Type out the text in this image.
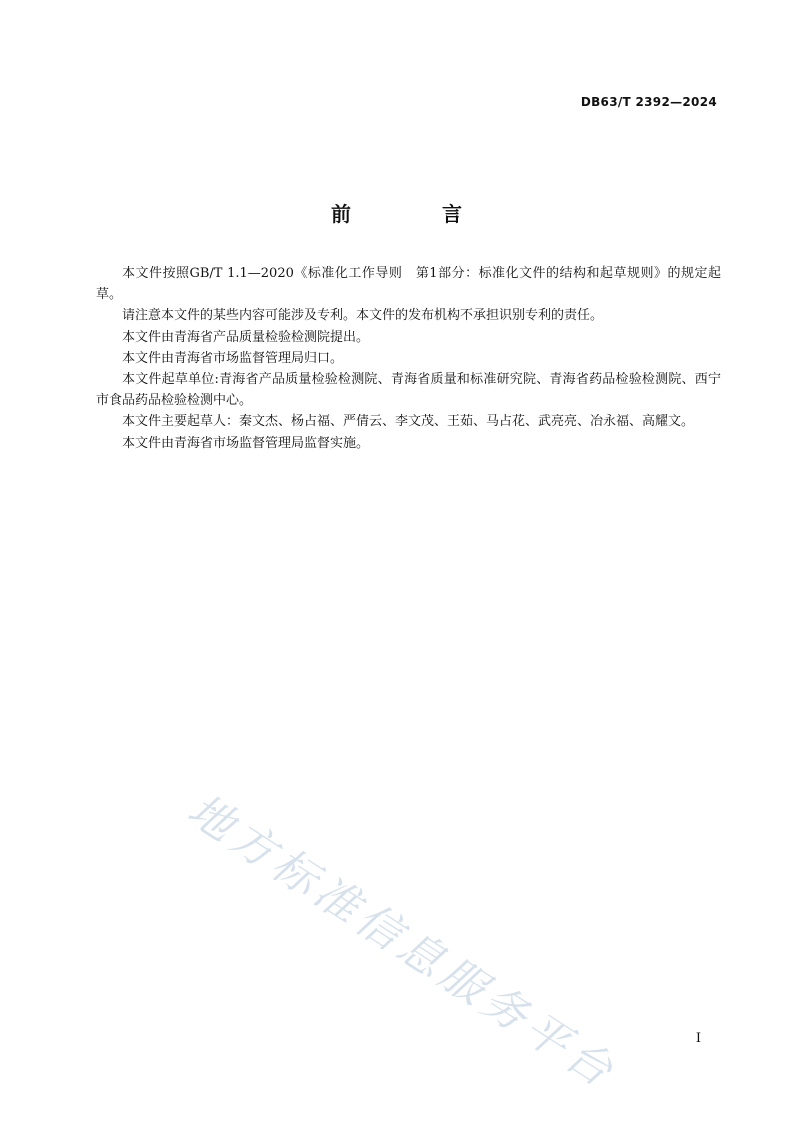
DB63/T 2392—2024
前 言

本文件按照GB/T 1.1—2020《标准化工作导则　第1部分：标准化文件的结构和起草规则》的规定起草。

请注意本文件的某些内容可能涉及专利。本文件的发布机构不承担识别专利的责任。

本文件由青海省产品质量检验检测院提出。

本文件由青海省市场监督管理局归口。

本文件起草单位:青海省产品质量检验检测院、青海省质量和标准研究院、青海省药品检验检测院、西宁市食品药品检验检测中心。

本文件主要起草人：秦文杰、杨占福、严倩云、李文茂、王茹、马占花、武亮亮、冶永福、高耀文。

本文件由青海省市场监督管理局监督实施。

地方标准信息服务平台	I
